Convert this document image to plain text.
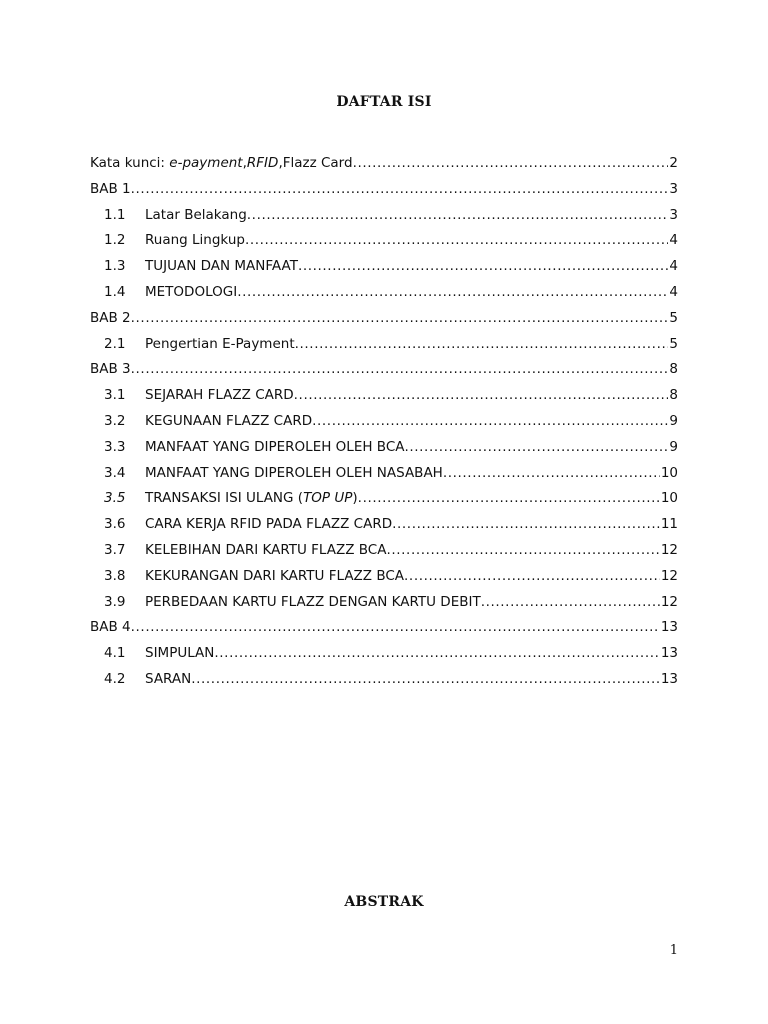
DAFTAR ISI
Kata kunci: e-payment,RFID,Flazz Card .....	2
BAB 1 .....	3
1.1	Latar Belakang .....	3
1.2	Ruang Lingkup .....	4
1.3	TUJUAN DAN MANFAAT .....	4
1.4	METODOLOGI .....	4
BAB 2 .....	5
2.1	Pengertian E-Payment .....	5
BAB 3 .....	8
3.1	SEJARAH FLAZZ CARD .....	8
3.2	KEGUNAAN FLAZZ CARD .....	9
3.3	MANFAAT YANG DIPEROLEH OLEH BCA .....	9
3.4	MANFAAT YANG DIPEROLEH OLEH NASABAH .....	10
3.5	TRANSAKSI ISI ULANG (TOP UP) .....	10
3.6	CARA KERJA RFID PADA FLAZZ CARD .....	11
3.7	KELEBIHAN DARI KARTU FLAZZ BCA .....	12
3.8	KEKURANGAN DARI KARTU FLAZZ BCA .....	12
3.9	PERBEDAAN KARTU FLAZZ DENGAN KARTU DEBIT .....	12
BAB 4 .....	13
4.1	SIMPULAN .....	13
4.2	SARAN .....	13
ABSTRAK
1
